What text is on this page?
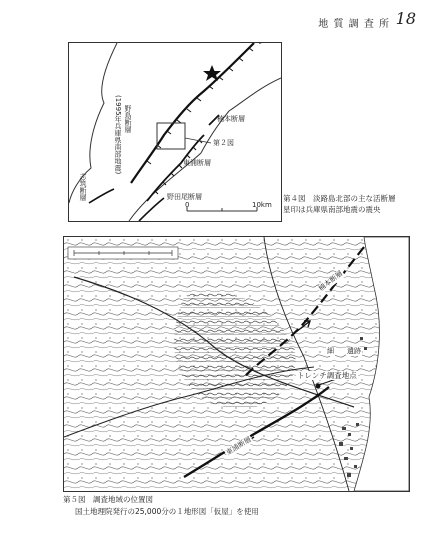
地 質 調 査 所 18
(1995年兵庫県南部地震) 野島断層	楠本断層
第２図
東浦断層
野田尾断層
志筑断層
0	10km
第４図　淡路島北部の主な活断層
星印は兵庫県南部地震の震央
楠本断層
東浦断層
トレンチ調査地点
細 遺跡
第５図　調査地域の位置図
国土地理院発行の25,000分の１地形図「仮屋」を使用
